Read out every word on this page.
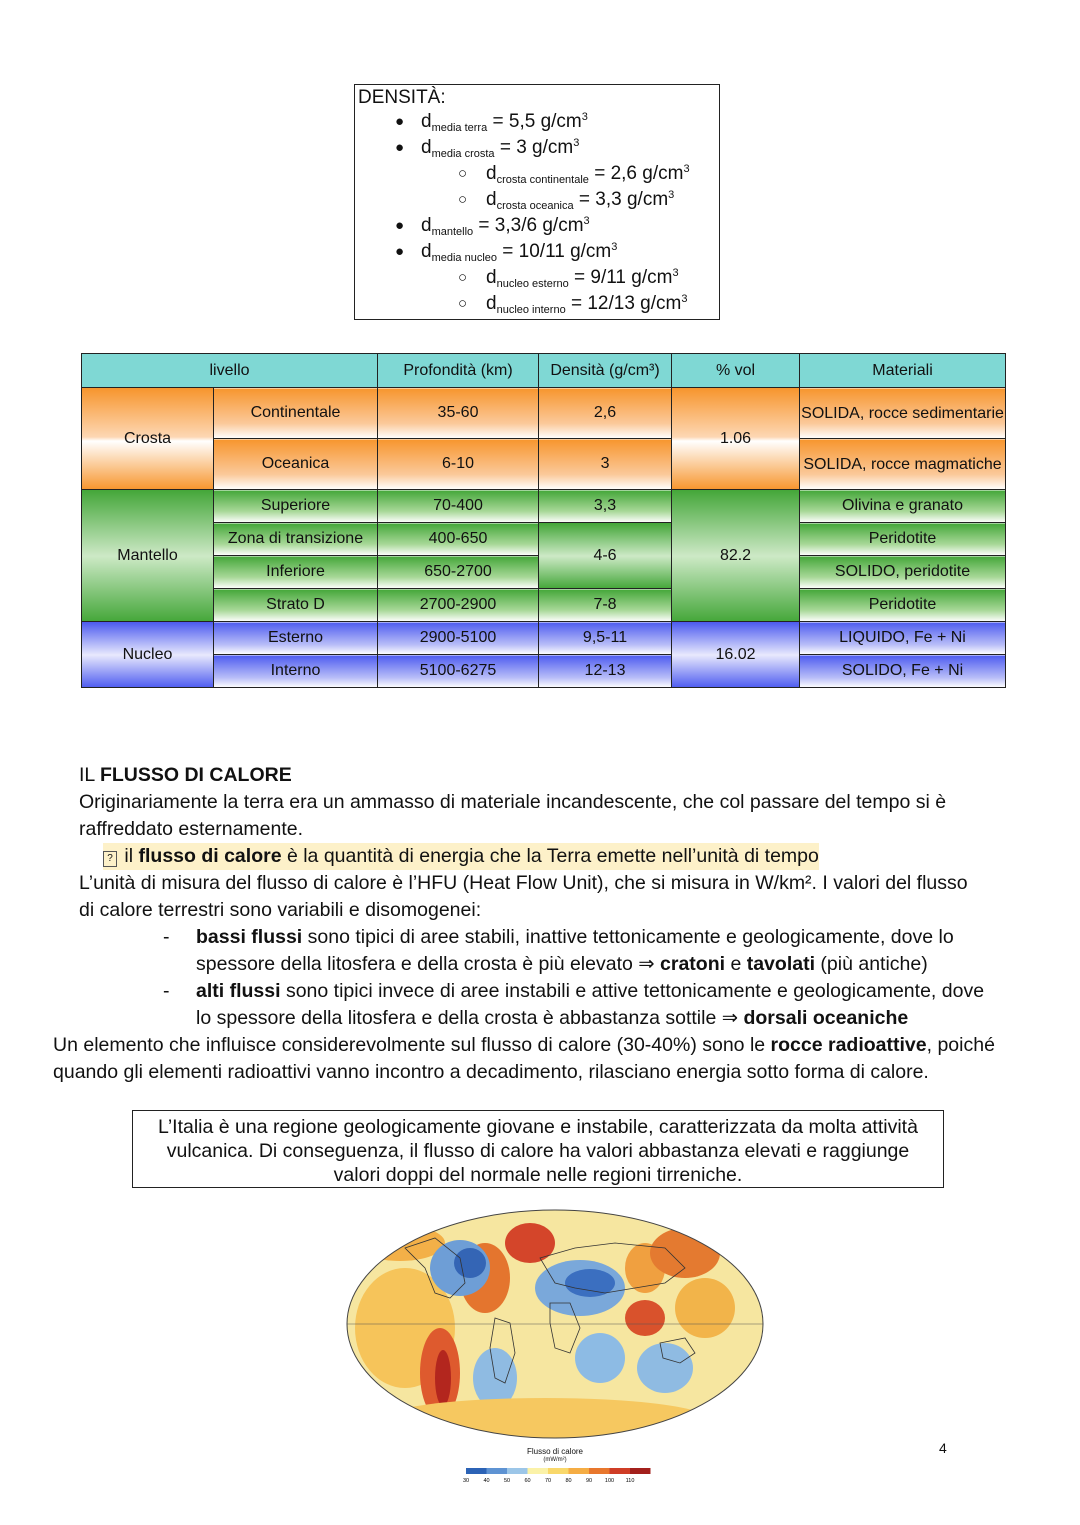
DENSITÀ:
● $d_{media terra} = 5,5$ $g/cm^3$
● $d_{media crosta} = 3$ $g/cm^3$
○ $d_{crosta continentale} = 2,6$ $g/cm^3$
○ $d_{crosta oceanica} = 3,3$ $g/cm^3$
● $d_{mantello} = 3,3/6$ $g/cm^3$
● $d_{media nucleo} = 10/11$ $g/cm^3$
○ $d_{nucleo esterno} = 9/11$ $g/cm^3$
○ $d_{nucleo interno} = 12/13$ $g/cm^3$
livello		Profondità (km)	Densità (g/cm³)	% vol	Materiali
Crosta	Continentale	35-60	2,6	1.06	SOLIDA, rocce sedimentarie
	Oceanica	6-10	3		SOLIDA, rocce magmatiche
Mantello	Superiore	70-400	3,3	82.2	Olivina e granato
	Zona di transizione	400-650	4-6		Peridotite
	Inferiore	650-2700			SOLIDO, peridotite
	Strato D	2700-2900	7-8		Peridotite
Nucleo	Esterno	2900-5100	9,5-11	16.02	LIQUIDO, Fe + Ni
	Interno	5100-6275	12-13		SOLIDO, Fe + Ni
IL FLUSSO DI CALORE
Originariamente la terra era un ammasso di materiale incandescente, che col passare del tempo si è
raffreddato esternamente.
? il flusso di calore è la quantità di energia che la Terra emette nell’unità di tempo
L’unità di misura del flusso di calore è l’HFU (Heat Flow Unit), che si misura in W/km². I valori del flusso
di calore terrestri sono variabili e disomogenei:
- bassi flussi sono tipici di aree stabili, inattive tettonicamente e geologicamente, dove lo
spessore della litosfera e della crosta è più elevato ⇒ cratoni e tavolati (più antiche)
- alti flussi sono tipici invece di aree instabili e attive tettonicamente e geologicamente, dove
lo spessore della litosfera e della crosta è abbastanza sottile ⇒ dorsali oceaniche
Un elemento che influisce considerevolmente sul flusso di calore (30-40%) sono le rocce radioattive, poiché
quando gli elementi radioattivi vanno incontro a decadimento, rilasciano energia sotto forma di calore.
L’Italia è una regione geologicamente giovane e instabile, caratterizzata da molta attività
vulcanica. Di conseguenza, il flusso di calore ha valori abbastanza elevati e raggiunge
valori doppi del normale nelle regioni tirreniche.
Flusso di calore
(mW/m²)
30	40	50	60	70	80	90 100 110
4
